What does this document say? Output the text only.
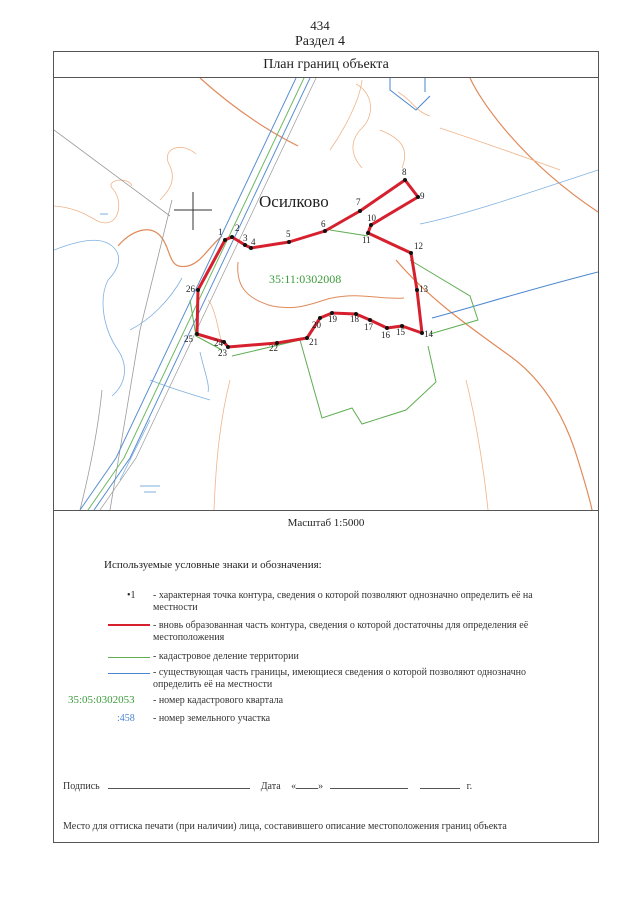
434
Раздел 4
План границ объекта
1 2
3 4
5
6
7
8
9
10
11
12
13
14
15
16
17
18
19
20
21
22
23
24
25
26
Осилково
35:11:0302008
Масштаб 1:5000
Используемые условные знаки и обозначения:
•1 - характерная точка контура, сведения о которой позволяют однозначно определить её на местности
- вновь образованная часть контура, сведения о которой достаточны для определения её местоположения
- кадастровое деление территории
- существующая часть границы, имеющиеся сведения о которой позволяют однозначно определить её на местности
35:05:0302053 - номер кадастрового квартала
:458 - номер земельного участка
Подпись	Дата « »	г.
Место для оттиска печати (при наличии) лица, составившего описание местоположения границ объекта
